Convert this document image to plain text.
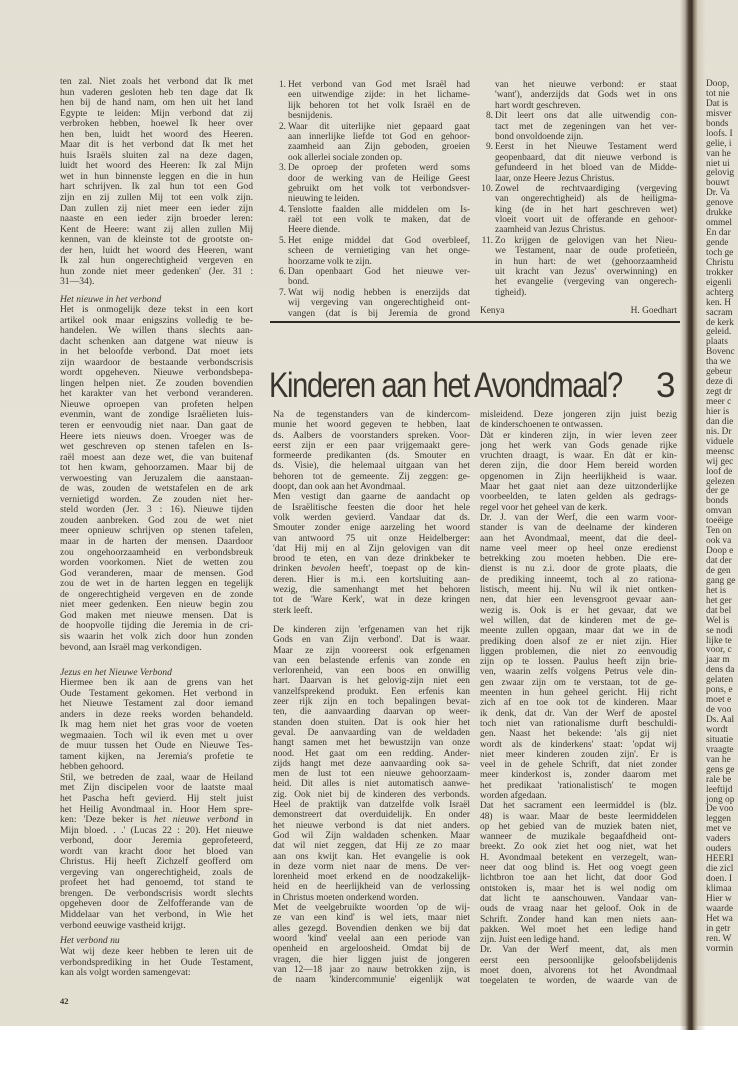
ten zal. Niet zoals het verbond dat Ik met
hun vaderen gesloten heb ten dage dat Ik
hen bij de hand nam, om hen uit het land
Egypte te leiden: Mijn verbond dat zij
verbroken hebben, hoewel Ik heer over
hen ben, luidt het woord des Heeren.
Maar dit is het verbond dat Ik met het
huis Israëls sluiten zal na deze dagen,
luidt het woord des Heeren: Ik zal Mijn
wet in hun binnenste leggen en die in hun
hart schrijven. Ik zal hun tot een God
zijn en zij zullen Mij tot een volk zijn.
Dan zullen zij niet meer een ieder zijn
naaste en een ieder zijn broeder leren:
Kent de Heere: want zij allen zullen Mij
kennen, van de kleinste tot de grootste on-
der hen, luidt het woord des Heeren, want
Ik zal hun ongerechtigheid vergeven en
hun zonde niet meer gedenken' (Jer. 31 :
31—34).
Het nieuwe in het verbond
Het is onmogelijk deze tekst in een kort
artikel ook maar enigszins volledig te be-
handelen. We willen thans slechts aan-
dacht schenken aan datgene wat nieuw is
in het beloofde verbond. Dat moet iets
zijn waardoor de bestaande verbondscrisis
wordt opgeheven. Nieuwe verbondsbepa-
lingen helpen niet. Ze zouden bovendien
het karakter van het verbond veranderen.
Nieuwe oproepen van profeten helpen
evenmin, want de zondige Israëlieten luis-
teren er eenvoudig niet naar. Dan gaat de
Heere iets nieuws doen. Vroeger was de
wet geschreven op stenen tafelen en Is-
raël moest aan deze wet, die van buitenaf
tot hen kwam, gehoorzamen. Maar bij de
verwoesting van Jeruzalem die aanstaan-
de was, zouden de wetstafelen en de ark
vernietigd worden. Ze zouden niet her-
steld worden (Jer. 3 : 16). Nieuwe tijden
zouden aanbreken. God zou de wet niet
meer opnieuw schrijven op stenen tafelen,
maar in de harten der mensen. Daardoor
zou ongehoorzaamheid en verbondsbreuk
worden voorkomen. Niet de wetten zou
God veranderen, maar de mensen. God
zou de wet in de harten leggen en tegelijk
de ongerechtigheid vergeven en de zonde
niet meer gedenken. Een nieuw begin zou
God maken met nieuwe mensen. Dat is
de hoopvolle tijding die Jeremia in de cri-
sis waarin het volk zich door hun zonden
bevond, aan Israël mag verkondigen.
Jezus en het Nieuwe Verbond
Hiermee ben ik aan de grens van het
Oude Testament gekomen. Het verbond in
het Nieuwe Testament zal door iemand
anders in deze reeks worden behandeld.
Ik mag hem niet het gras voor de voeten
wegmaaien. Toch wil ik even met u over
de muur tussen het Oude en Nieuwe Tes-
tament kijken, na Jeremia's profetie te
hebben gehoord.
Stil, we betreden de zaal, waar de Heiland
met Zijn discipelen voor de laatste maal
het Pascha heft gevierd. Hij stelt juist
het Heilig Avondmaal in. Hoor Hem spre-
ken: 'Deze beker is het nieuwe verbond in
Mijn bloed. . .' (Lucas 22 : 20). Het nieuwe
verbond, door Jeremia geprofeteerd,
wordt van kracht door het bloed van
Christus. Hij heeft Zichzelf geofferd om
vergeving van ongerechtigheid, zoals de
profeet het had genoemd, tot stand te
brengen. De verbondscrisis wordt slechts
opgeheven door de Zelfofferande van de
Middelaar van het verbond, in Wie het
verbond eeuwige vastheid krijgt.
Het verbond nu
Wat wij deze keer hebben te leren uit de
verbondsprediking in het Oude Testament,
kan als volgt worden samengevat:
42
1. Het verbond van God met Israël had
een uitwendige zijde: in het lichame-
lijk behoren tot het volk Israël en de
besnijdenis.
2. Waar dit uiterlijke niet gepaard gaat
aan innerlijke liefde tot God en gehoor-
zaamheid aan Zijn geboden, groeien
ook allerlei sociale zonden op.
3. De oproep der profeten werd soms
door de werking van de Heilige Geest
gebruikt om het volk tot verbondsver-
nieuwing te leiden.
4. Tenslotte faalden alle middelen om Is-
raël tot een volk te maken, dat de
Heere diende.
5. Het enige middel dat God overbleef,
scheen de vernietiging van het onge-
hoorzame volk te zijn.
6. Dan openbaart God het nieuwe ver-
bond.
7. Wat wij nodig hebben is enerzijds dat
wij vergeving van ongerechtigheid ont-
vangen (dat is bij Jeremia de grond
van het nieuwe verbond: er staat
'want'), anderzijds dat Gods wet in ons
hart wordt geschreven.
8. Dit leert ons dat alle uitwendig con-
tact met de zegeningen van het ver-
bond onvoldoende zijn.
9. Eerst in het Nieuwe Testament werd
geopenbaard, dat dit nieuwe verbond is
gefundeerd in het bloed van de Midde-
laar, onze Heere Jezus Christus.
10. Zowel de rechtvaardiging (vergeving
van ongerechtigheid) als de heiligma-
king (de in het hart geschreven wet)
vloeit voort uit de offerande en gehoor-
zaamheid van Jezus Christus.
11. Zo krijgen de gelovigen van het Nieu-
we Testament, naar de oude profetieën,
in hun hart: de wet (gehoorzaamheid
uit kracht van Jezus' overwinning) en
het evangelie (vergeving van ongerech-
tigheid).
Kenya	H. Goedhart
Kinderen aan het Avondmaal? 3
Na de tegenstanders van de kindercom-
munie het woord gegeven te hebben, laat
ds. Aalbers de voorstanders spreken. Voor-
eerst zijn er een paar vrijgemaakt gere-
formeerde predikanten (ds. Smouter en
ds. Visie), die helemaal uitgaan van het
behoren tot de gemeente. Zij zeggen: ge-
doopt, dan ook aan het Avondmaal.
Men vestigt dan gaarne de aandacht op
de Israëlitische feesten die door het hele
volk werden gevierd. Vandaar dat ds.
Smouter zonder enige aarzeling het woord
van antwoord 75 uit onze Heidelberger:
'dat Hij mij en al Zijn gelovigen van dit
brood te eten, en van deze drinkbeker te
drinken bevolen heeft', toepast op de kin-
deren. Hier is m.i. een kortsluiting aan-
wezig, die samenhangt met het behoren
tot de 'Ware Kerk', wat in deze kringen
sterk leeft.
De kinderen zijn 'erfgenamen van het rijk
Gods en van Zijn verbond'. Dat is waar.
Maar ze zijn vooreerst ook erfgenamen
van een belastende erfenis van zonde en
verlorenheid, van een boos en onwillig
hart. Daarvan is het gelovig-zijn niet een
vanzelfsprekend produkt. Een erfenis kan
zeer rijk zijn en toch bepalingen bevat-
ten, die aanvaarding daarvan op weer-
standen doen stuiten. Dat is ook hier het
geval. De aanvaarding van de weldaden
hangt samen met het bewustzijn van onze
nood. Het gaat om een redding. Ander-
zijds hangt met deze aanvaarding ook sa-
men de lust tot een nieuwe gehoorzaam-
heid. Dit alles is niet automatisch aanwe-
zig. Ook niet bij de kinderen des verbonds.
Heel de praktijk van datzelfde volk Israël
demonstreert dat overduidelijk. En onder
het nieuwe verbond is dat niet anders.
God wil Zijn waldaden schenken. Maar
dat wil niet zeggen, dat Hij ze zo maar
aan ons kwijt kan. Het evangelie is ook
in deze vorm niet naar de mens. De ver-
lorenheid moet erkend en de noodzakelijk-
heid en de heerlijkheid van de verlossing
in Christus moeten onderkend worden.
Met de veelgebruikte woorden 'op de wij-
ze van een kind' is wel iets, maar niet
alles gezegd. Bovendien denken we bij dat
woord 'kind' veelal aan een periode van
openheid en argeloosheid. Omdat bij de
vragen, die hier liggen juist de jongeren
van 12—18 jaar zo nauw betrokken zijn, is
de naam 'kindercommunie' eigenlijk wat
misleidend. Deze jongeren zijn juist bezig
de kinderschoenen te ontwassen.
Dàt er kinderen zijn, in wier leven zeer
jong het werk van Gods genade rijke
vruchten draagt, is waar. En dàt er kin-
deren zijn, die door Hem bereid worden
opgenomen in Zijn heerlijkheid is waar.
Maar het gaat niet aan deze uitzonderlijke
voorbeelden, te laten gelden als gedrags-
regel voor het geheel van de kerk.
Dr. J. van der Werf, die een warm voor-
stander is van de deelname der kinderen
aan het Avondmaal, meent, dat die deel-
name veel meer op heel onze eredienst
betrekking zou moeten hebben. Die ere-
dienst is nu z.i. door de grote plaats, die
de prediking inneemt, toch al zo rationa-
listisch, meent hij. Nu wil ik niet ontken-
nen, dat hier een levensgroot gevaar aan-
wezig is. Ook is er het gevaar, dat we
wel willen, dat de kinderen met de ge-
meente zullen opgaan, maar dat we in de
prediking doen alsof ze er niet zijn. Hier
liggen problemen, die niet zo eenvoudig
zijn op te lossen. Paulus heeft zijn brie-
ven, waarin zelfs volgens Petrus vele din-
gen zwaar zijn om te verstaan, tot de ge-
meenten in hun geheel gericht. Hij richt
zich af en toe ook tot de kinderen. Maar
ik denk, dat dr. Van der Werf de apostel
toch niet van rationalisme durft beschuldi-
gen. Naast het bekende: 'als gij niet
wordt als de kinderkens' staat: 'opdat wij
niet meer kinderen zouden zijn'. Er is
veel in de gehele Schrift, dat niet zonder
meer kinderkost is, zonder daarom met
het predikaat 'rationalistisch' te mogen
worden afgedaan.
Dat het sacrament een leermiddel is (blz.
48) is waar. Maar de beste leermiddelen
op het gebied van de muziek baten niet,
wanneer de muzikale begaafdheid ont-
breekt. Zo ook ziet het oog niet, wat het
H. Avondmaal betekent en verzegelt, wan-
neer dat oog blind is. Het oog voegt geen
lichtbron toe aan het licht, dat door God
ontstoken is, maar het is wel nodig om
dat licht te aanschouwen. Vandaar van-
ouds de vraag naar het geloof. Ook in de
Schrift. Zonder hand kan men niets aan-
pakken. Wel moet het een ledige hand
zijn. Juist een ledige hand.
Dr. Van der Werf meent, dat, als men
eerst een persoonlijke geloofsbelijdenis
moet doen, alvorens tot het Avondmaal
toegelaten te worden, de waarde van de
Doop,
tot nie
Dat is
misver
bonds
loofs. I
gelie, i
van he
niet ui
gelovig
bouwt
Dr. Va
genove
drukke
ommel
En dar
gende
toch ge
Christu
trokker
eigenli
achterg
ken. H
sacram
de kerk
geleid.
plaats
Bovenc
tha we
gebeur
deze di
zegt dr
meer c
hier is
dan die
nis. Dr
viduele
meensc
wij gec
loof de
gelezen
der ge
bonds
omvan
toeëige
Ten on
ook va
Doop e
dat der
de gen
gang ge
het is
het ger
dat bel
Wel is
se nodi
lijke te
voor, c
jaar m
dens da
gelaten
pons, e
moet e
de voo
Ds. Aal
wordt
situatie
vraagte
van he
gens ge
rale be
leeftijd
jong op
De voo
leggen
met ve
vaders
ouders
HEERI
die zicl
doen. I
klimaa
Hier w
waarde
Het wa
in getr
ren. W
vormin
